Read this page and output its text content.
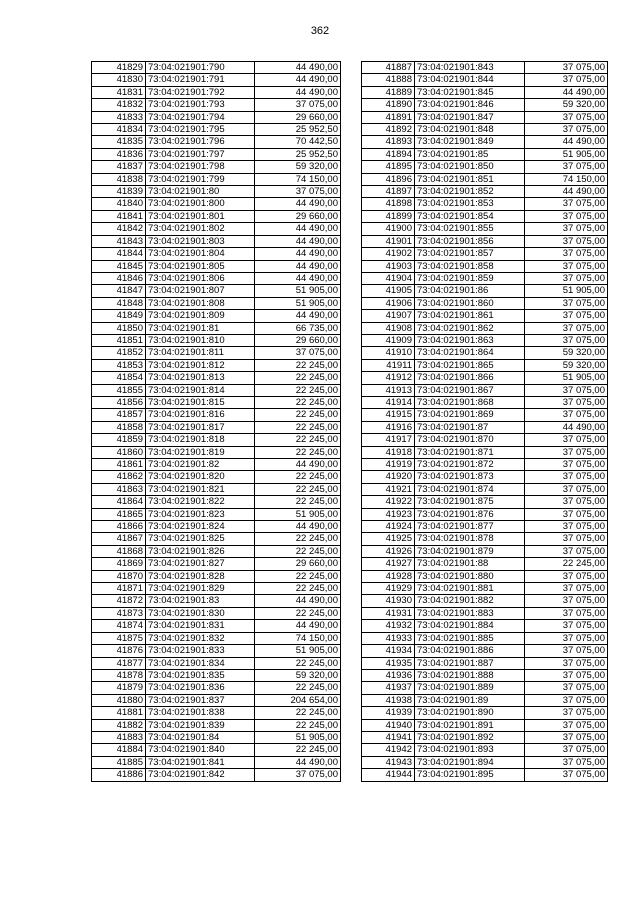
362
41829	73:04:021901:790	44 490,00
41830	73:04:021901:791	44 490,00
41831	73:04:021901:792	44 490,00
41832	73:04:021901:793	37 075,00
41833	73:04:021901:794	29 660,00
41834	73:04:021901:795	25 952,50
41835	73:04:021901:796	70 442,50
41836	73:04:021901:797	25 952,50
41837	73:04:021901:798	59 320,00
41838	73:04:021901:799	74 150,00
41839	73:04:021901:80	37 075,00
41840	73:04:021901:800	44 490,00
41841	73:04:021901:801	29 660,00
41842	73:04:021901:802	44 490,00
41843	73:04:021901:803	44 490,00
41844	73:04:021901:804	44 490,00
41845	73:04:021901:805	44 490,00
41846	73:04:021901:806	44 490,00
41847	73:04:021901:807	51 905,00
41848	73:04:021901:808	51 905,00
41849	73:04:021901:809	44 490,00
41850	73:04:021901:81	66 735,00
41851	73:04:021901:810	29 660,00
41852	73:04:021901:811	37 075,00
41853	73:04:021901:812	22 245,00
41854	73:04:021901:813	22 245,00
41855	73:04:021901:814	22 245,00
41856	73:04:021901:815	22 245,00
41857	73:04:021901:816	22 245,00
41858	73:04:021901:817	22 245,00
41859	73:04:021901:818	22 245,00
41860	73:04:021901:819	22 245,00
41861	73:04:021901:82	44 490,00
41862	73:04:021901:820	22 245,00
41863	73:04:021901:821	22 245,00
41864	73:04:021901:822	22 245,00
41865	73:04:021901:823	51 905,00
41866	73:04:021901:824	44 490,00
41867	73:04:021901:825	22 245,00
41868	73:04:021901:826	22 245,00
41869	73:04:021901:827	29 660,00
41870	73:04:021901:828	22 245,00
41871	73:04:021901:829	22 245,00
41872	73:04:021901:83	44 490,00
41873	73:04:021901:830	22 245,00
41874	73:04:021901:831	44 490,00
41875	73:04:021901:832	74 150,00
41876	73:04:021901:833	51 905,00
41877	73:04:021901:834	22 245,00
41878	73:04:021901:835	59 320,00
41879	73:04:021901:836	22 245,00
41880	73:04:021901:837	204 654,00
41881	73:04:021901:838	22 245,00
41882	73:04:021901:839	22 245,00
41883	73:04:021901:84	51 905,00
41884	73:04:021901:840	22 245,00
41885	73:04:021901:841	44 490,00
41886	73:04:021901:842	37 075,00
41887	73:04:021901:843	37 075,00
41888	73:04:021901:844	37 075,00
41889	73:04:021901:845	44 490,00
41890	73:04:021901:846	59 320,00
41891	73:04:021901:847	37 075,00
41892	73:04:021901:848	37 075,00
41893	73:04:021901:849	44 490,00
41894	73:04:021901:85	51 905,00
41895	73:04:021901:850	37 075,00
41896	73:04:021901:851	74 150,00
41897	73:04:021901:852	44 490,00
41898	73:04:021901:853	37 075,00
41899	73:04:021901:854	37 075,00
41900	73:04:021901:855	37 075,00
41901	73:04:021901:856	37 075,00
41902	73:04:021901:857	37 075,00
41903	73:04:021901:858	37 075,00
41904	73:04:021901:859	37 075,00
41905	73:04:021901:86	51 905,00
41906	73:04:021901:860	37 075,00
41907	73:04:021901:861	37 075,00
41908	73:04:021901:862	37 075,00
41909	73:04:021901:863	37 075,00
41910	73:04:021901:864	59 320,00
41911	73:04:021901:865	59 320,00
41912	73:04:021901:866	51 905,00
41913	73:04:021901:867	37 075,00
41914	73:04:021901:868	37 075,00
41915	73:04:021901:869	37 075,00
41916	73:04:021901:87	44 490,00
41917	73:04:021901:870	37 075,00
41918	73:04:021901:871	37 075,00
41919	73:04:021901:872	37 075,00
41920	73:04:021901:873	37 075,00
41921	73:04:021901:874	37 075,00
41922	73:04:021901:875	37 075,00
41923	73:04:021901:876	37 075,00
41924	73:04:021901:877	37 075,00
41925	73:04:021901:878	37 075,00
41926	73:04:021901:879	37 075,00
41927	73:04:021901:88	22 245,00
41928	73:04:021901:880	37 075,00
41929	73:04:021901:881	37 075,00
41930	73:04:021901:882	37 075,00
41931	73:04:021901:883	37 075,00
41932	73:04:021901:884	37 075,00
41933	73:04:021901:885	37 075,00
41934	73:04:021901:886	37 075,00
41935	73:04:021901:887	37 075,00
41936	73:04:021901:888	37 075,00
41937	73:04:021901:889	37 075,00
41938	73:04:021901:89	37 075,00
41939	73:04:021901:890	37 075,00
41940	73:04:021901:891	37 075,00
41941	73:04:021901:892	37 075,00
41942	73:04:021901:893	37 075,00
41943	73:04:021901:894	37 075,00
41944	73:04:021901:895	37 075,00
